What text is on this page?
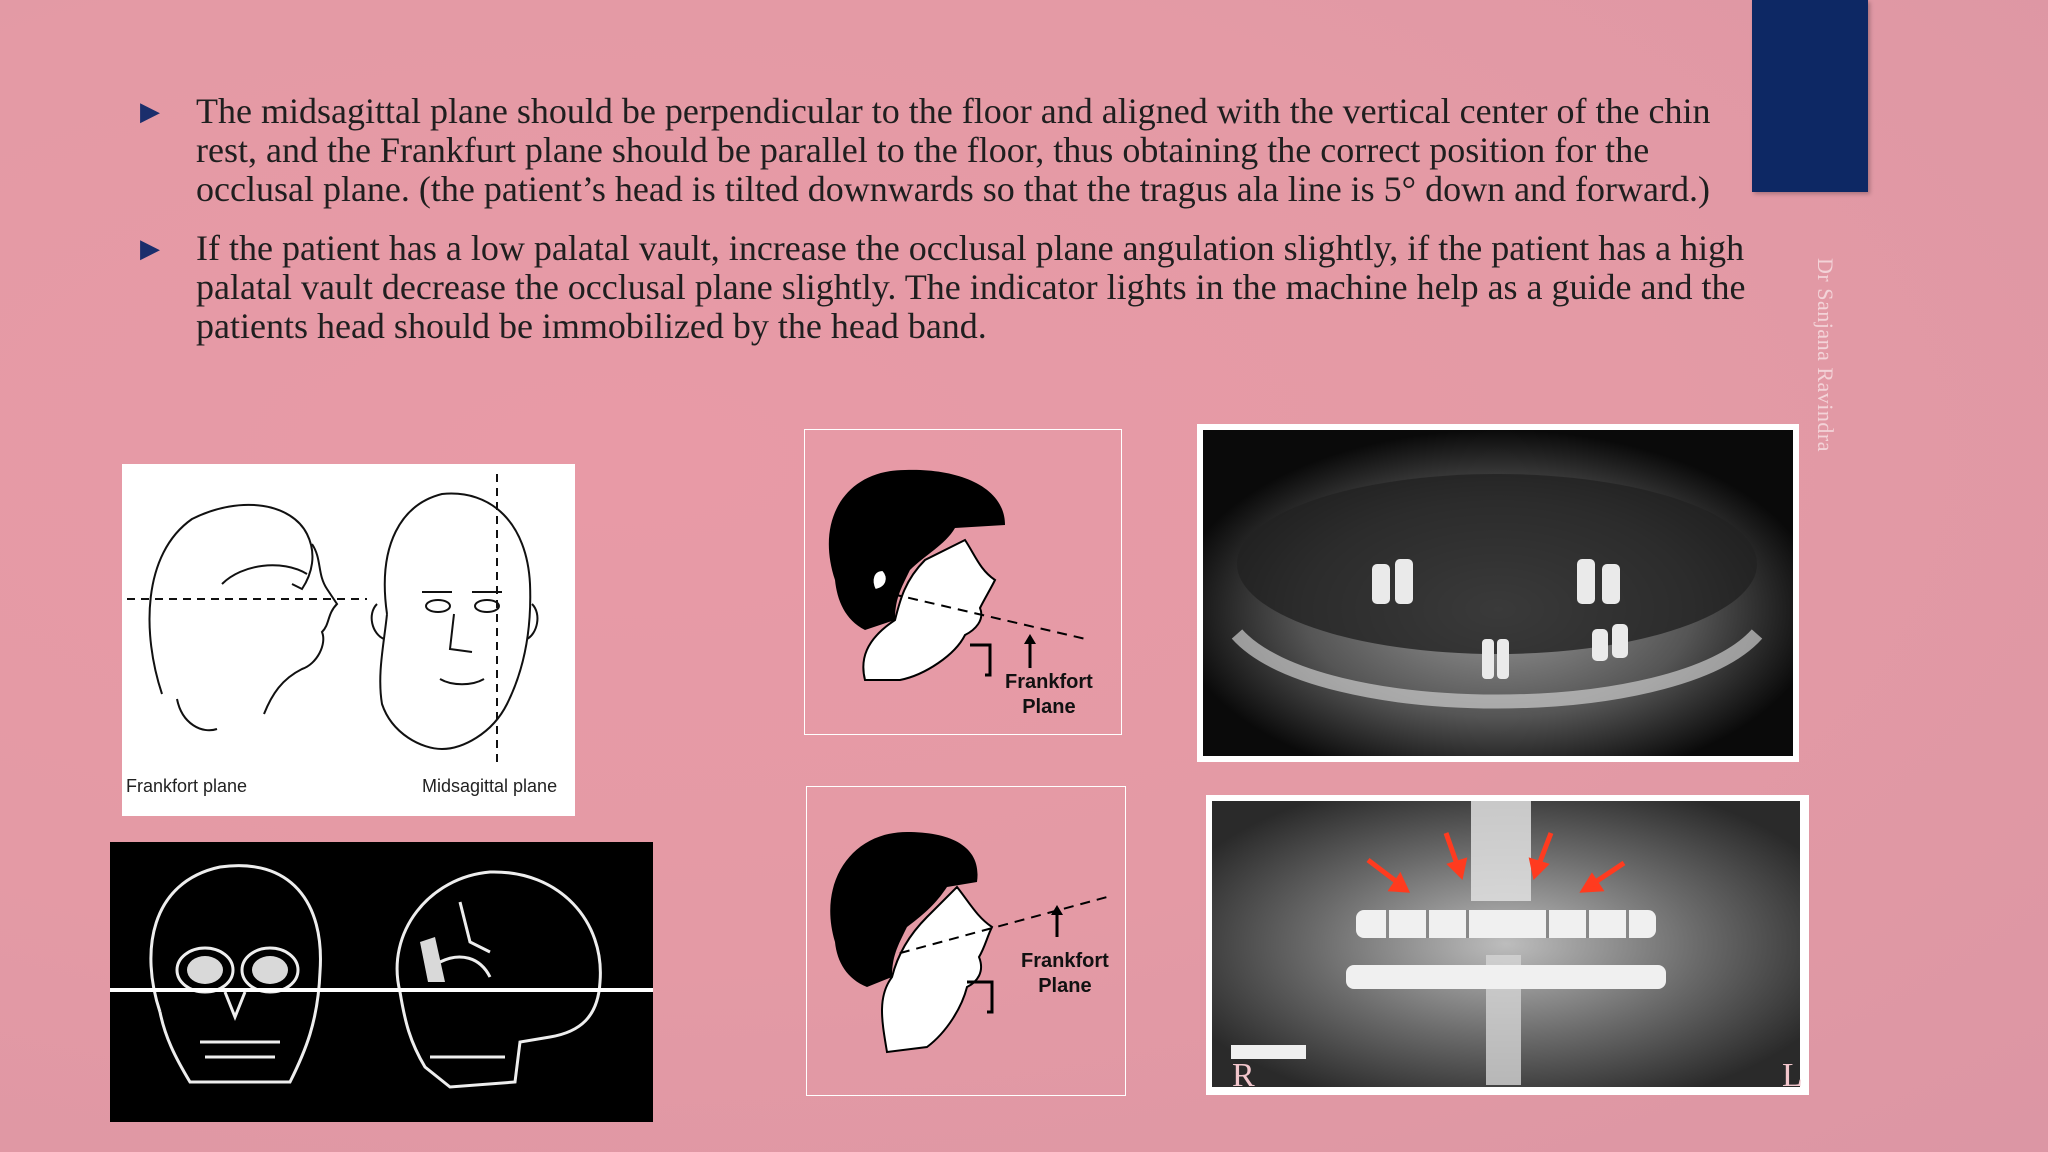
Dr Sanjana Ravindra
▶	The midsagittal plane should be perpendicular to the floor and aligned with the vertical center of the chin rest, and the Frankfurt plane should be parallel to the floor, thus obtaining the correct position for the occlusal plane. (the patient’s head is tilted downwards so that the tragus ala line is 5° down and forward.)
▶	If the patient has a low palatal vault, increase the occlusal plane angulation slightly, if the patient has a high palatal vault decrease the occlusal plane slightly. The indicator lights in the machine help as a guide and the patients head should be immobilized by the head band.
Frankfort plane	Midsagittal plane
Frankfort
Plane
Frankfort
Plane
R	L
